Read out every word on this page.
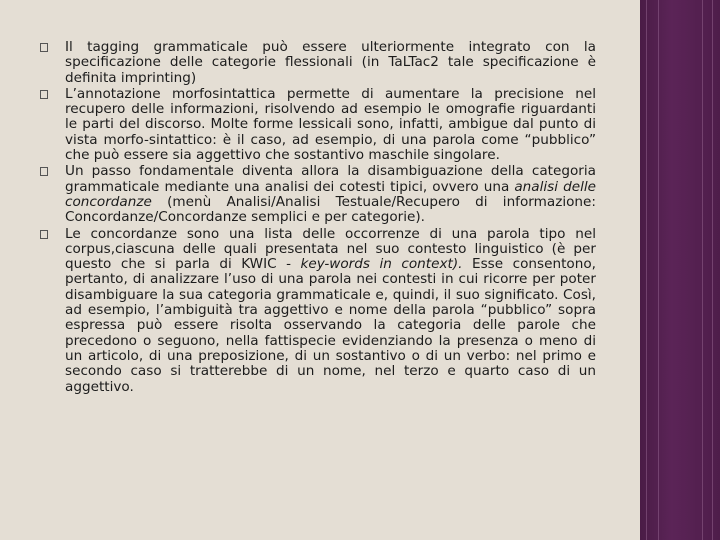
Il tagging grammaticale può essere ulteriormente integrato con la specificazione delle categorie flessionali (in TaLTac2 tale specificazione è definita imprinting)
L’annotazione morfosintattica permette di aumentare la precisione nel recupero delle informazioni, risolvendo ad esempio le omografie riguardanti le parti del discorso. Molte forme lessicali sono, infatti, ambigue dal punto di vista morfo-sintattico: è il caso, ad esempio, di una parola come “pubblico” che può essere sia aggettivo che sostantivo maschile singolare.
Un passo fondamentale diventa allora la disambiguazione della categoria grammaticale mediante una analisi dei cotesti tipici, ovvero una analisi delle concordanze (menù Analisi/Analisi Testuale/Recupero di informazione: Concordanze/Concordanze semplici e per categorie).
Le concordanze sono una lista delle occorrenze di una parola tipo nel corpus,ciascuna delle quali presentata nel suo contesto linguistico (è per questo che si parla di KWIC - key-words in context). Esse consentono, pertanto, di analizzare l’uso di una parola nei contesti in cui ricorre per poter disambiguare la sua categoria grammaticale e, quindi, il suo significato. Così, ad esempio, l’ambiguità tra aggettivo e nome della parola “pubblico” sopra espressa può essere risolta osservando la categoria delle parole che precedono o seguono, nella fattispecie evidenziando la presenza o meno di un articolo, di una preposizione, di un sostantivo o di un verbo: nel primo e secondo caso si tratterebbe di un nome, nel terzo e quarto caso di un aggettivo.
